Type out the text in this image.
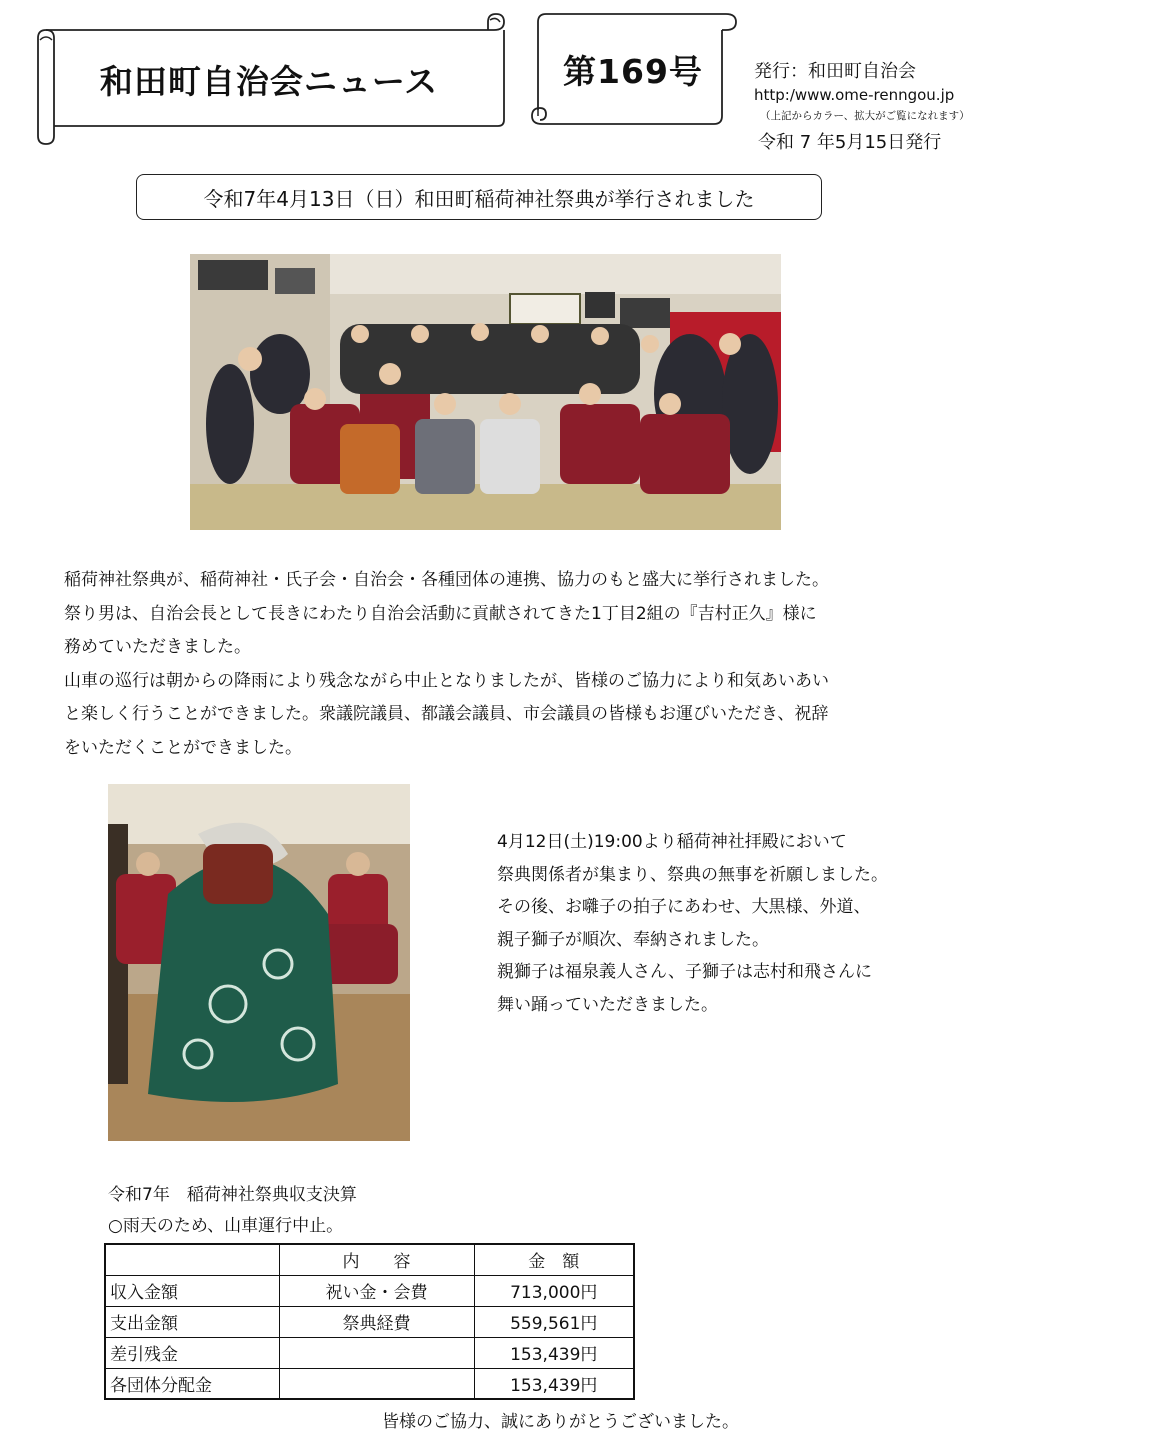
和田町自治会ニュース	第169号	発行：和田町自治会
http:/www.ome-renngou.jp
（上記からカラー、拡大がご覧になれます）
令和 7 年5月15日発行
令和7年4月13日（日）和田町稲荷神社祭典が挙行されました
稲荷神社祭典が、稲荷神社・氏子会・自治会・各種団体の連携、協力のもと盛大に挙行されました。
祭り男は、自治会長として長きにわたり自治会活動に貢献されてきた1丁目2組の『吉村正久』様に
務めていただきました。
山車の巡行は朝からの降雨により残念ながら中止となりましたが、皆様のご協力により和気あいあい
と楽しく行うことができました。衆議院議員、都議会議員、市会議員の皆様もお運びいただき、祝辞
をいただくことができました。
4月12日(土)19:00より稲荷神社拝殿において
祭典関係者が集まり、祭典の無事を祈願しました。
その後、お囃子の拍子にあわせ、大黒様、外道、
親子獅子が順次、奉納されました。
親獅子は福泉義人さん、子獅子は志村和飛さんに
舞い踊っていただきました。
令和7年　稲荷神社祭典収支決算
○雨天のため、山車運行中止。
	内　　容	金　額
収入金額	祝い金・会費	713,000円
支出金額	祭典経費	559,561円
差引残金		153,439円
各団体分配金		153,439円
皆様のご協力、誠にありがとうございました。
